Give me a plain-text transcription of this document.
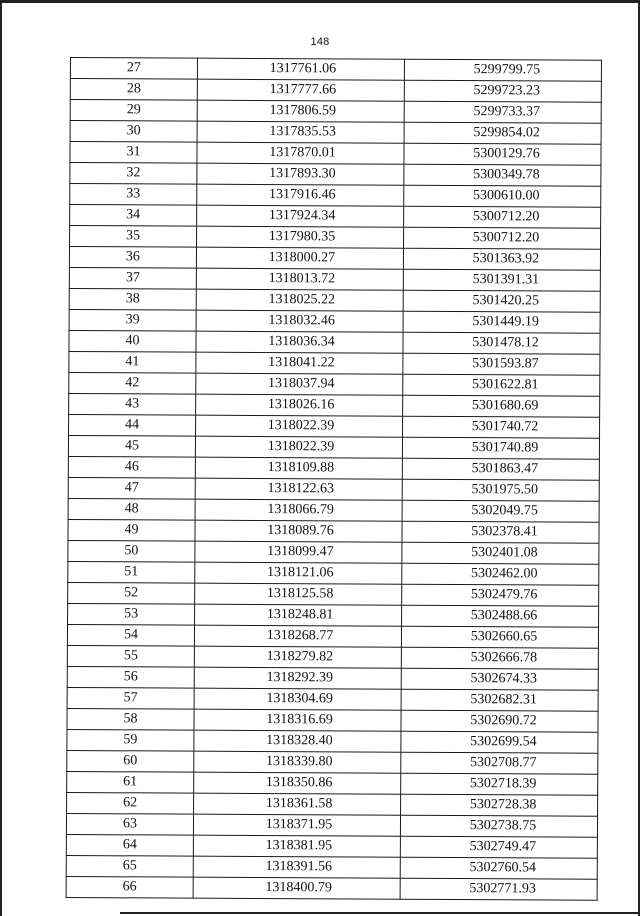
148
27	1317761.06	5299799.75
28	1317777.66	5299723.23
29	1317806.59	5299733.37
30	1317835.53	5299854.02
31	1317870.01	5300129.76
32	1317893.30	5300349.78
33	1317916.46	5300610.00
34	1317924.34	5300712.20
35	1317980.35	5300712.20
36	1318000.27	5301363.92
37	1318013.72	5301391.31
38	1318025.22	5301420.25
39	1318032.46	5301449.19
40	1318036.34	5301478.12
41	1318041.22	5301593.87
42	1318037.94	5301622.81
43	1318026.16	5301680.69
44	1318022.39	5301740.72
45	1318022.39	5301740.89
46	1318109.88	5301863.47
47	1318122.63	5301975.50
48	1318066.79	5302049.75
49	1318089.76	5302378.41
50	1318099.47	5302401.08
51	1318121.06	5302462.00
52	1318125.58	5302479.76
53	1318248.81	5302488.66
54	1318268.77	5302660.65
55	1318279.82	5302666.78
56	1318292.39	5302674.33
57	1318304.69	5302682.31
58	1318316.69	5302690.72
59	1318328.40	5302699.54
60	1318339.80	5302708.77
61	1318350.86	5302718.39
62	1318361.58	5302728.38
63	1318371.95	5302738.75
64	1318381.95	5302749.47
65	1318391.56	5302760.54
66	1318400.79	5302771.93
